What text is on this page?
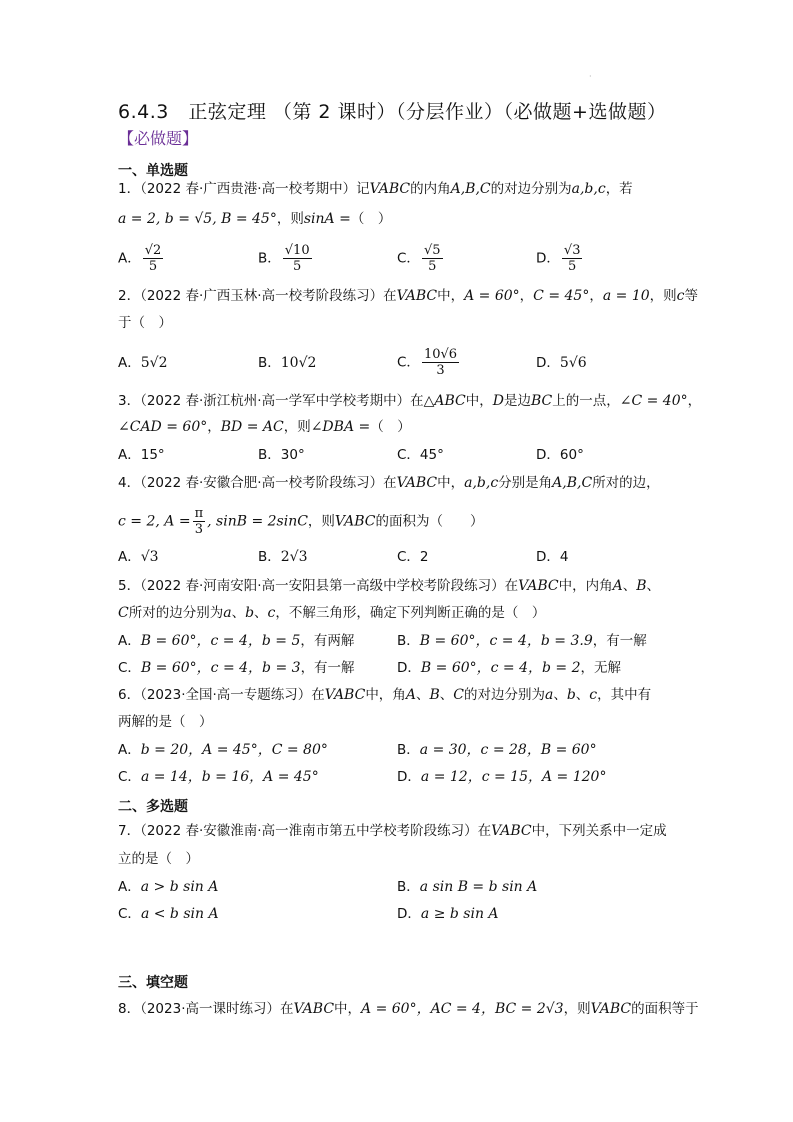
·
6.4.3　正弦定理 （第 2 课时）（分层作业）（必做题+选做题）
【必做题】
一、单选题
1．（2022 春·广西贵港·高一校考期中）记VABC的内角A,B,C的对边分别为a,b,c，若
a = 2, b = √5, B = 45°，则sinA =（　）
A． $\frac{√2}{5}$	B． $\frac{√10}{5}$	C． $\frac{√5}{5}$	D． $\frac{√3}{5}$
2．（2022 春·广西玉林·高一校考阶段练习）在VABC中，A = 60°，C = 45°，a = 10，则c等
于（　）
A．5√2	B．10√2	C． $\frac{10√6}{3}$	D．5√6
3．（2022 春·浙江杭州·高一学军中学校考期中）在△ABC中，D是边BC上的一点，∠C = 40°，
∠CAD = 60°，BD = AC，则∠DBA =（　）
A．15°	B．30°	C．45°	D．60°
4．（2022 春·安徽合肥·高一校考阶段练习）在VABC中，a,b,c分别是角A,B,C所对的边，
c = 2, $A = \frac{\pi}{3}$ , sinB = 2sinC，则VABC的面积为（　　）
A．√3	B．2√3	C．2	D．4
5．（2022 春·河南安阳·高一安阳县第一高级中学校考阶段练习）在VABC中，内角A、B、
C所对的边分别为a、b、c，不解三角形，确定下列判断正确的是（　）
A．B = 60°，c = 4，b = 5，有两解	B．B = 60°，c = 4，b = 3.9，有一解
C．B = 60°，c = 4，b = 3，有一解	D．B = 60°，c = 4，b = 2，无解
6．（2023·全国·高一专题练习）在VABC中，角A、B、C的对边分别为a、b、c，其中有
两解的是（　）
A．b = 20，A = 45°，C = 80°	B．a = 30，c = 28，B = 60°
C．a = 14，b = 16，A = 45°	D．a = 12，c = 15，A = 120°
二、多选题
7．（2022 春·安徽淮南·高一淮南市第五中学校考阶段练习）在VABC中，下列关系中一定成
立的是（　）
A．a > b sin A	B．a sin B = b sin A
C．a < b sin A	D．a ≥ b sin A
三、填空题
8．（2023·高一课时练习）在VABC中，A = 60°，AC = 4，BC = 2√3，则VABC的面积等于
